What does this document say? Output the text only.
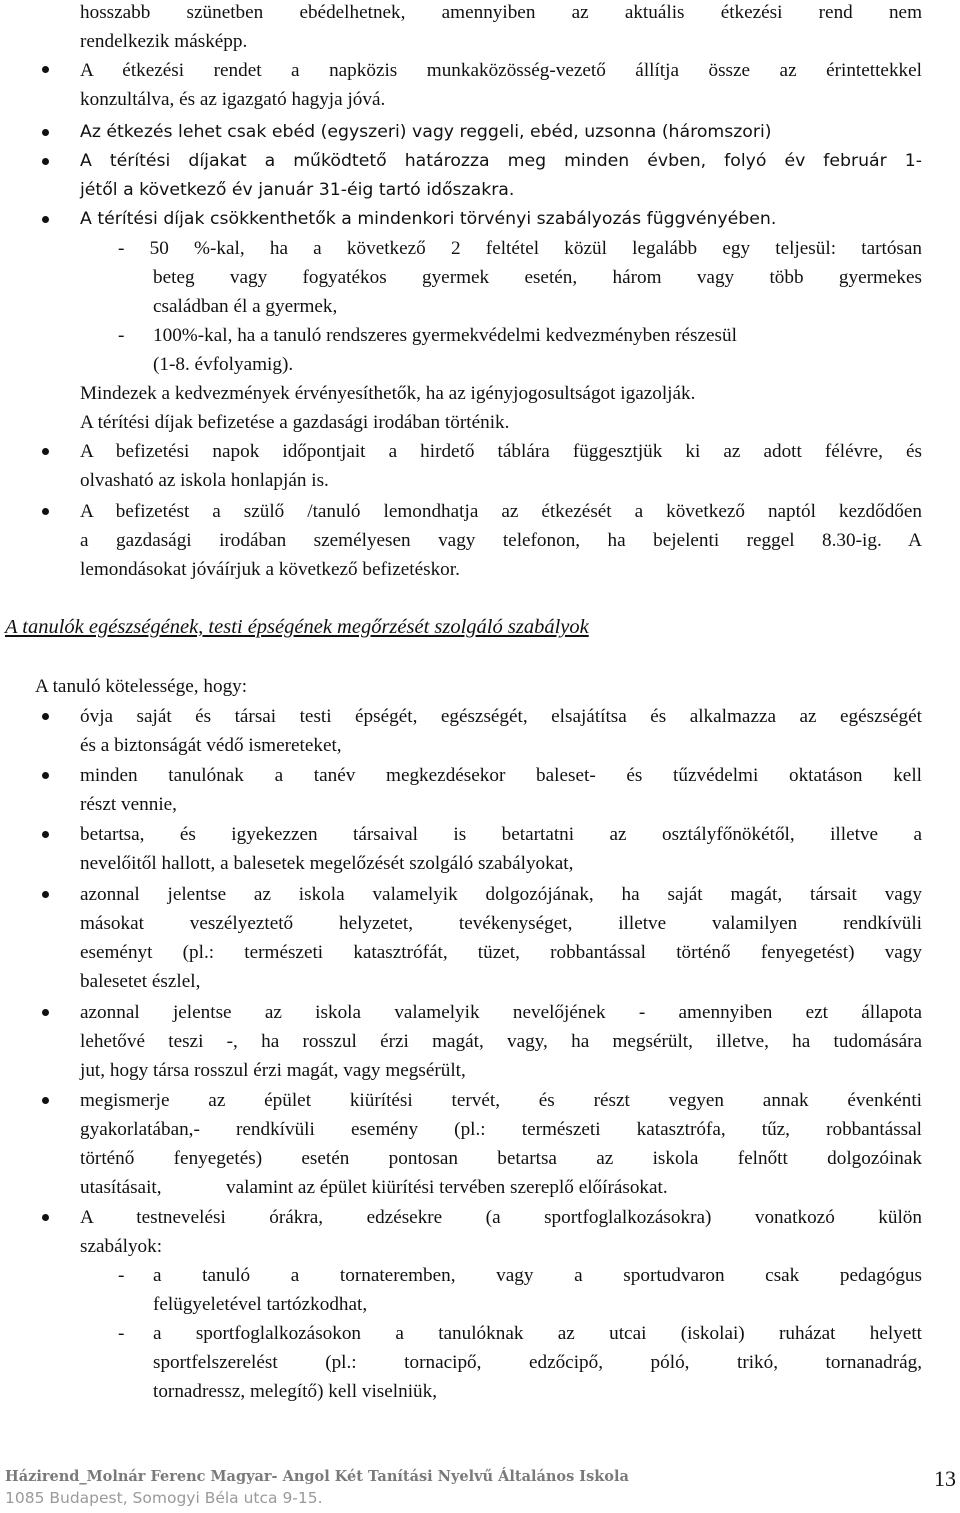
hosszabb szünetben ebédelhetnek, amennyiben az aktuális étkezési rend nem
rendelkezik másképp.
A étkezési rendet a napközis munkaközösség-vezető állítja össze az érintettekkel
konzultálva, és az igazgató hagyja jóvá.
Az étkezés lehet csak ebéd (egyszeri) vagy reggeli, ebéd, uzsonna (háromszori)
A térítési díjakat a működtető határozza meg minden évben, folyó év február 1-
jétől a következő év január 31-éig tartó időszakra.
A térítési díjak csökkenthetők a mindenkori törvényi szabályozás függvényében.
- 50 %-kal, ha a következő 2 feltétel közül legalább egy teljesül: tartósan
beteg vagy fogyatékos gyermek esetén, három vagy több gyermekes
családban él a gyermek,
- 100%-kal, ha a tanuló rendszeres gyermekvédelmi kedvezményben részesül
(1-8. évfolyamig).
Mindezek a kedvezmények érvényesíthetők, ha az igényjogosultságot igazolják.
A térítési díjak befizetése a gazdasági irodában történik.
A befizetési napok időpontjait a hirdető táblára függesztjük ki az adott félévre, és
olvasható az iskola honlapján is.
A befizetést a szülő /tanuló lemondhatja az étkezését a következő naptól kezdődően
a gazdasági irodában személyesen vagy telefonon, ha bejelenti reggel 8.30-ig. A
lemondásokat jóváírjuk a következő befizetéskor.
A tanulók egészségének, testi épségének megőrzését szolgáló szabályok
A tanuló kötelessége, hogy:
óvja saját és társai testi épségét, egészségét, elsajátítsa és alkalmazza az egészségét
és a biztonságát védő ismereteket,
minden tanulónak a tanév megkezdésekor baleset- és tűzvédelmi oktatáson kell
részt vennie,
betartsa, és igyekezzen társaival is betartatni az osztályfőnökétől, illetve a
nevelőitől hallott, a balesetek megelőzését szolgáló szabályokat,
azonnal jelentse az iskola valamelyik dolgozójának, ha saját magát, társait vagy
másokat veszélyeztető helyzetet, tevékenységet, illetve valamilyen rendkívüli
eseményt (pl.: természeti katasztrófát, tüzet, robbantással történő fenyegetést) vagy
balesetet észlel,
azonnal jelentse az iskola valamelyik nevelőjének - amennyiben ezt állapota
lehetővé teszi -, ha rosszul érzi magát, vagy, ha megsérült, illetve, ha tudomására
jut, hogy társa rosszul érzi magát, vagy megsérült,
megismerje az épület kiürítési tervét, és részt vegyen annak évenkénti
gyakorlatában,- rendkívüli esemény (pl.: természeti katasztrófa, tűz, robbantással
történő fenyegetés) esetén pontosan betartsa az iskola felnőtt dolgozóinak
utasításait,	valamint az épület kiürítési tervében szereplő előírásokat.
A testnevelési órákra, edzésekre (a sportfoglalkozásokra) vonatkozó külön
szabályok:
- a tanuló a tornateremben, vagy a sportudvaron csak pedagógus
felügyeletével tartózkodhat,
- a sportfoglalkozásokon a tanulóknak az utcai (iskolai) ruházat helyett
sportfelszerelést (pl.: tornacipő, edzőcipő, póló, trikó, tornanadrág,
tornadressz, melegítő) kell viselniük,
Házirend_Molnár Ferenc Magyar- Angol Két Tanítási Nyelvű Általános Iskola
1085 Budapest, Somogyi Béla utca 9-15.
13
